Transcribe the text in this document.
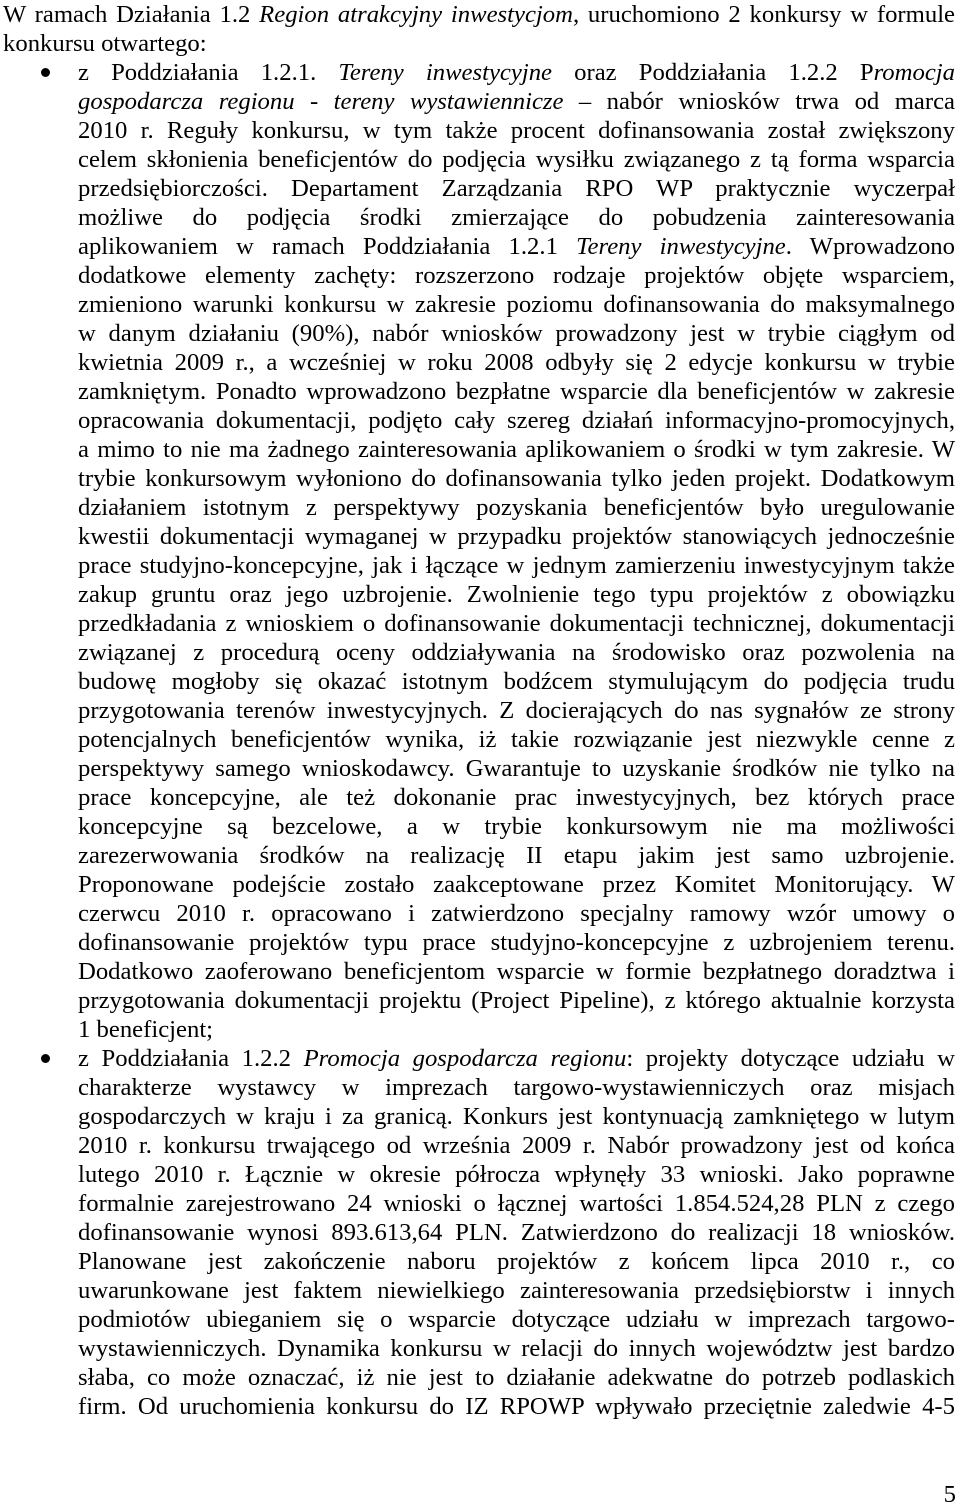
W ramach Działania 1.2 Region atrakcyjny inwestycjom, uruchomiono 2 konkursy w formule
konkursu otwartego:
z Poddziałania 1.2.1. Tereny inwestycyjne oraz Poddziałania 1.2.2 Promocja
gospodarcza regionu - tereny wystawiennicze – nabór wniosków trwa od marca
2010 r. Reguły konkursu, w tym także procent dofinansowania został zwiększony
celem skłonienia beneficjentów do podjęcia wysiłku związanego z tą forma wsparcia
przedsiębiorczości. Departament Zarządzania RPO WP praktycznie wyczerpał
możliwe do podjęcia środki zmierzające do pobudzenia zainteresowania
aplikowaniem w ramach Poddziałania 1.2.1 Tereny inwestycyjne. Wprowadzono
dodatkowe elementy zachęty: rozszerzono rodzaje projektów objęte wsparciem,
zmieniono warunki konkursu w zakresie poziomu dofinansowania do maksymalnego
w danym działaniu (90%), nabór wniosków prowadzony jest w trybie ciągłym od
kwietnia 2009 r., a wcześniej w roku 2008 odbyły się 2 edycje konkursu w trybie
zamkniętym. Ponadto wprowadzono bezpłatne wsparcie dla beneficjentów w zakresie
opracowania dokumentacji, podjęto cały szereg działań informacyjno-promocyjnych,
a mimo to nie ma żadnego zainteresowania aplikowaniem o środki w tym zakresie. W
trybie konkursowym wyłoniono do dofinansowania tylko jeden projekt. Dodatkowym
działaniem istotnym z perspektywy pozyskania beneficjentów było uregulowanie
kwestii dokumentacji wymaganej w przypadku projektów stanowiących jednocześnie
prace studyjno-koncepcyjne, jak i łączące w jednym zamierzeniu inwestycyjnym także
zakup gruntu oraz jego uzbrojenie. Zwolnienie tego typu projektów z obowiązku
przedkładania z wnioskiem o dofinansowanie dokumentacji technicznej, dokumentacji
związanej z procedurą oceny oddziaływania na środowisko oraz pozwolenia na
budowę mogłoby się okazać istotnym bodźcem stymulującym do podjęcia trudu
przygotowania terenów inwestycyjnych. Z docierających do nas sygnałów ze strony
potencjalnych beneficjentów wynika, iż takie rozwiązanie jest niezwykle cenne z
perspektywy samego wnioskodawcy. Gwarantuje to uzyskanie środków nie tylko na
prace koncepcyjne, ale też dokonanie prac inwestycyjnych, bez których prace
koncepcyjne są bezcelowe, a w trybie konkursowym nie ma możliwości
zarezerwowania środków na realizację II etapu jakim jest samo uzbrojenie.
Proponowane podejście zostało zaakceptowane przez Komitet Monitorujący. W
czerwcu 2010 r. opracowano i zatwierdzono specjalny ramowy wzór umowy o
dofinansowanie projektów typu prace studyjno-koncepcyjne z uzbrojeniem terenu.
Dodatkowo zaoferowano beneficjentom wsparcie w formie bezpłatnego doradztwa i
przygotowania dokumentacji projektu (Project Pipeline), z którego aktualnie korzysta
1 beneficjent;
z Poddziałania 1.2.2 Promocja gospodarcza regionu: projekty dotyczące udziału w
charakterze wystawcy w imprezach targowo-wystawienniczych oraz misjach
gospodarczych w kraju i za granicą. Konkurs jest kontynuacją zamkniętego w lutym
2010 r. konkursu trwającego od września 2009 r. Nabór prowadzony jest od końca
lutego 2010 r. Łącznie w okresie półrocza wpłynęły 33 wnioski. Jako poprawne
formalnie zarejestrowano 24 wnioski o łącznej wartości 1.854.524,28 PLN z czego
dofinansowanie wynosi 893.613,64 PLN. Zatwierdzono do realizacji 18 wniosków.
Planowane jest zakończenie naboru projektów z końcem lipca 2010 r., co
uwarunkowane jest faktem niewielkiego zainteresowania przedsiębiorstw i innych
podmiotów ubieganiem się o wsparcie dotyczące udziału w imprezach targowo-
wystawienniczych. Dynamika konkursu w relacji do innych województw jest bardzo
słaba, co może oznaczać, iż nie jest to działanie adekwatne do potrzeb podlaskich
firm. Od uruchomienia konkursu do IZ RPOWP wpływało przeciętnie zaledwie 4-5
5
